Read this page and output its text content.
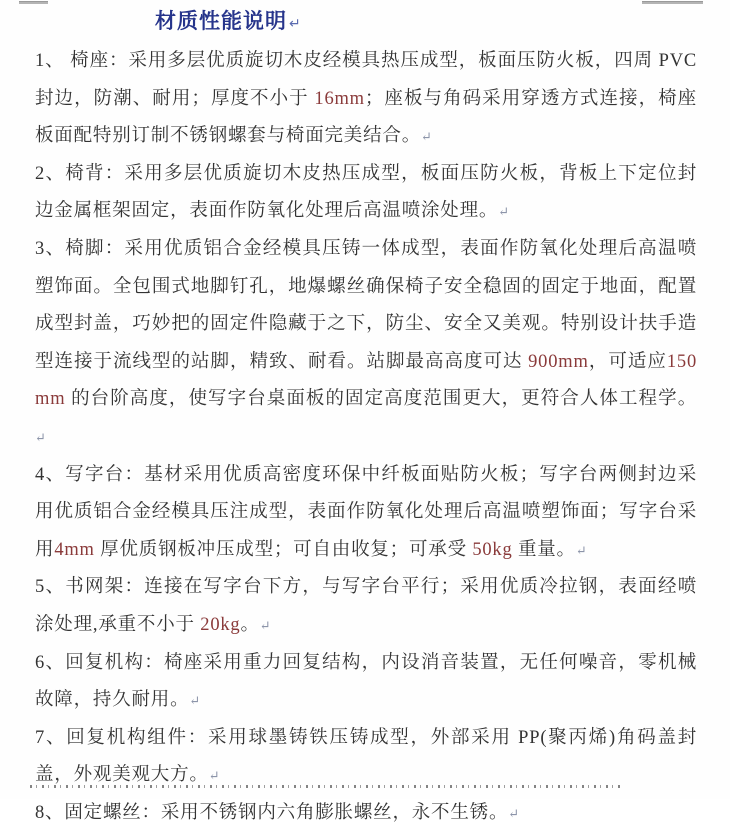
材质性能说明 ↵

1、 椅座：采用多层优质旋切木皮经模具热压成型，板面压防火板，四周 PVC封边，防潮、耐用；厚度不小于 16mm；座板与角码采用穿透方式连接，椅座板面配特别订制不锈钢螺套与椅面完美结合。↵

2、椅背：采用多层优质旋切木皮热压成型，板面压防火板，背板上下定位封边金属框架固定，表面作防氧化处理后高温喷涂处理。↵

3、椅脚：采用优质铝合金经模具压铸一体成型，表面作防氧化处理后高温喷塑饰面。全包围式地脚钉孔，地爆螺丝确保椅子安全稳固的固定于地面，配置成型封盖，巧妙把的固定件隐藏于之下，防尘、安全又美观。特别设计扶手造型连接于流线型的站脚，精致、耐看。站脚最高高度可达 900mm，可适应150mm 的台阶高度，使写字台桌面板的固定高度范围更大，更符合人体工程学。↵

4、写字台：基材采用优质高密度环保中纤板面贴防火板；写字台两侧封边采用优质铝合金经模具压注成型，表面作防氧化处理后高温喷塑饰面；写字台采用4mm 厚优质钢板冲压成型；可自由收复；可承受 50kg 重量。↵

5、书网架：连接在写字台下方，与写字台平行；采用优质冷拉钢，表面经喷涂处理,承重不小于 20kg。↵

6、回复机构：椅座采用重力回复结构，内设消音装置，无任何噪音，零机械故障，持久耐用。↵

7、回复机构组件：采用球墨铸铁压铸成型，外部采用 PP(聚丙烯)角码盖封盖，外观美观大方。↵

8、固定螺丝：采用不锈钢内六角膨胀螺丝，永不生锈。↵
